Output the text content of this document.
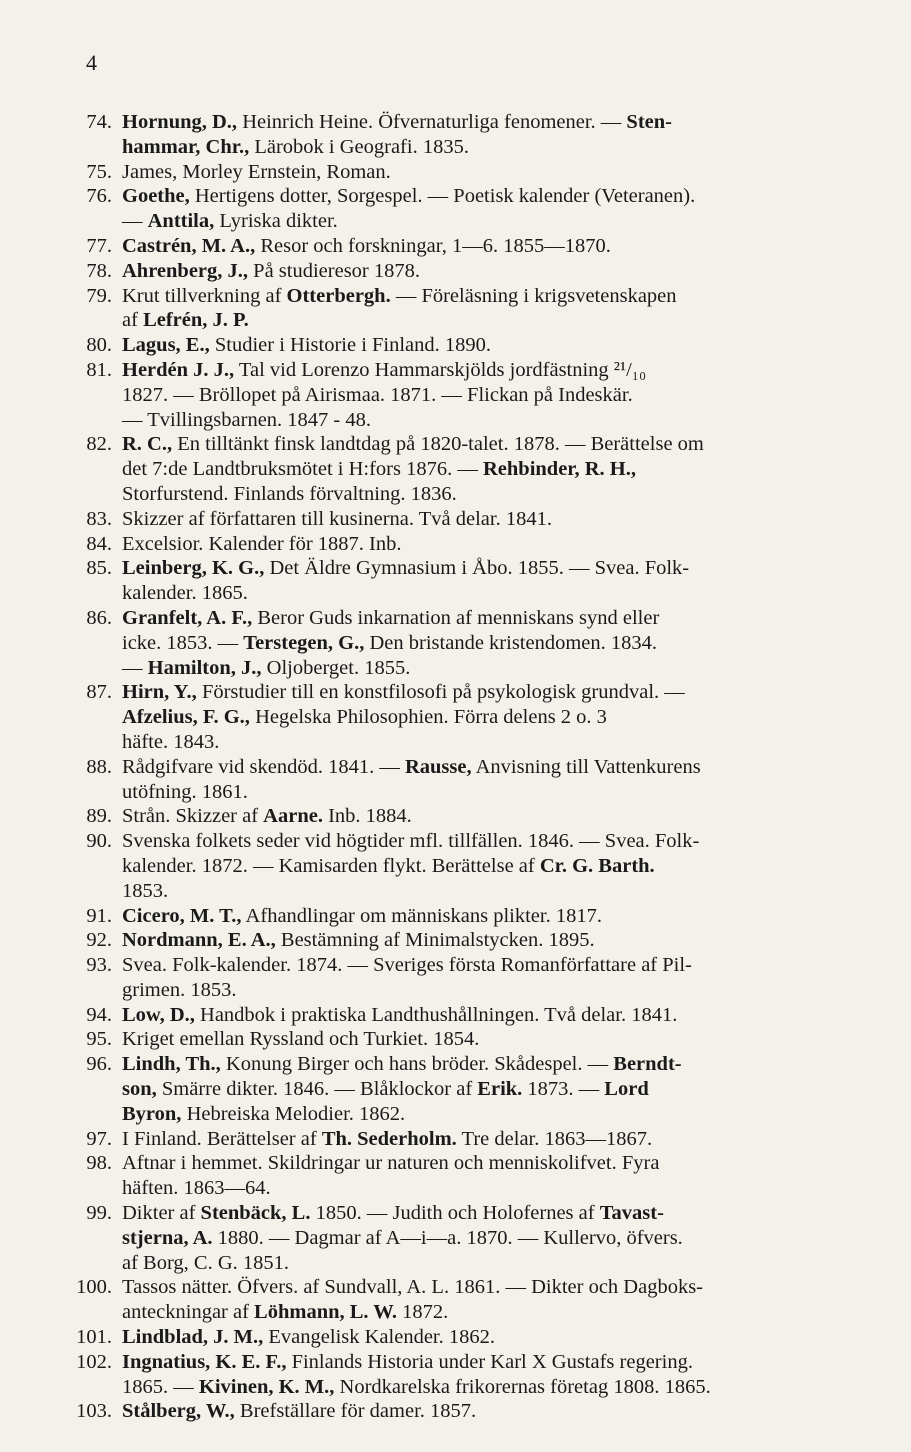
4
74. Hornung, D., Heinrich Heine. Öfvernaturliga fenomener. — Sten-
hammar, Chr., Lärobok i Geografi. 1835.
75. James, Morley Ernstein, Roman.
76. Goethe, Hertigens dotter, Sorgespel. — Poetisk kalender (Veteranen).
— Anttila, Lyriska dikter.
77. Castrén, M. A., Resor och forskningar, 1—6. 1855—1870.
78. Ahrenberg, J., På studieresor 1878.
79. Krut tillverkning af Otterbergh. — Föreläsning i krigsvetenskapen
af Lefrén, J. P.
80. Lagus, E., Studier i Historie i Finland. 1890.
81. Herdén J. J., Tal vid Lorenzo Hammarskjölds jordfästning ²¹/₁₀
1827. — Bröllopet på Airismaa. 1871. — Flickan på Indeskär.
— Tvillingsbarnen. 1847 - 48.
82. R. C., En tilltänkt finsk landtdag på 1820-talet. 1878. — Berättelse om
det 7:de Landtbruksmötet i H:fors 1876. — Rehbinder, R. H.,
Storfurstend. Finlands förvaltning. 1836.
83. Skizzer af författaren till kusinerna. Två delar. 1841.
84. Excelsior. Kalender för 1887. Inb.
85. Leinberg, K. G., Det Äldre Gymnasium i Åbo. 1855. — Svea. Folk-
kalender. 1865.
86. Granfelt, A. F., Beror Guds inkarnation af menniskans synd eller
icke. 1853. — Terstegen, G., Den bristande kristendomen. 1834.
— Hamilton, J., Oljoberget. 1855.
87. Hirn, Y., Förstudier till en konstfilosofi på psykologisk grundval. —
Afzelius, F. G., Hegelska Philosophien. Förra delens 2 o. 3
häfte. 1843.
88. Rådgifvare vid skendöd. 1841. — Rausse, Anvisning till Vattenkurens
utöfning. 1861.
89. Strån. Skizzer af Aarne. Inb. 1884.
90. Svenska folkets seder vid högtider mfl. tillfällen. 1846. — Svea. Folk-
kalender. 1872. — Kamisarden flykt. Berättelse af Cr. G. Barth.
1853.
91. Cicero, M. T., Afhandlingar om människans plikter. 1817.
92. Nordmann, E. A., Bestämning af Minimalstycken. 1895.
93. Svea. Folk-kalender. 1874. — Sveriges första Romanförfattare af Pil-
grimen. 1853.
94. Low, D., Handbok i praktiska Landthushållningen. Två delar. 1841.
95. Kriget emellan Ryssland och Turkiet. 1854.
96. Lindh, Th., Konung Birger och hans bröder. Skådespel. — Berndt-
son, Smärre dikter. 1846. — Blåklockor af Erik. 1873. — Lord
Byron, Hebreiska Melodier. 1862.
97. I Finland. Berättelser af Th. Sederholm. Tre delar. 1863—1867.
98. Aftnar i hemmet. Skildringar ur naturen och menniskolifvet. Fyra
häften. 1863—64.
99. Dikter af Stenbäck, L. 1850. — Judith och Holofernes af Tavast-
stjerna, A. 1880. — Dagmar af A—i—a. 1870. — Kullervo, öfvers.
af Borg, C. G. 1851.
100. Tassos nätter. Öfvers. af Sundvall, A. L. 1861. — Dikter och Dagboks-
anteckningar af Löhmann, L. W. 1872.
101. Lindblad, J. M., Evangelisk Kalender. 1862.
102. Ingnatius, K. E. F., Finlands Historia under Karl X Gustafs regering.
1865. — Kivinen, K. M., Nordkarelska frikorernas företag 1808. 1865.
103. Stålberg, W., Brefställare för damer. 1857.
